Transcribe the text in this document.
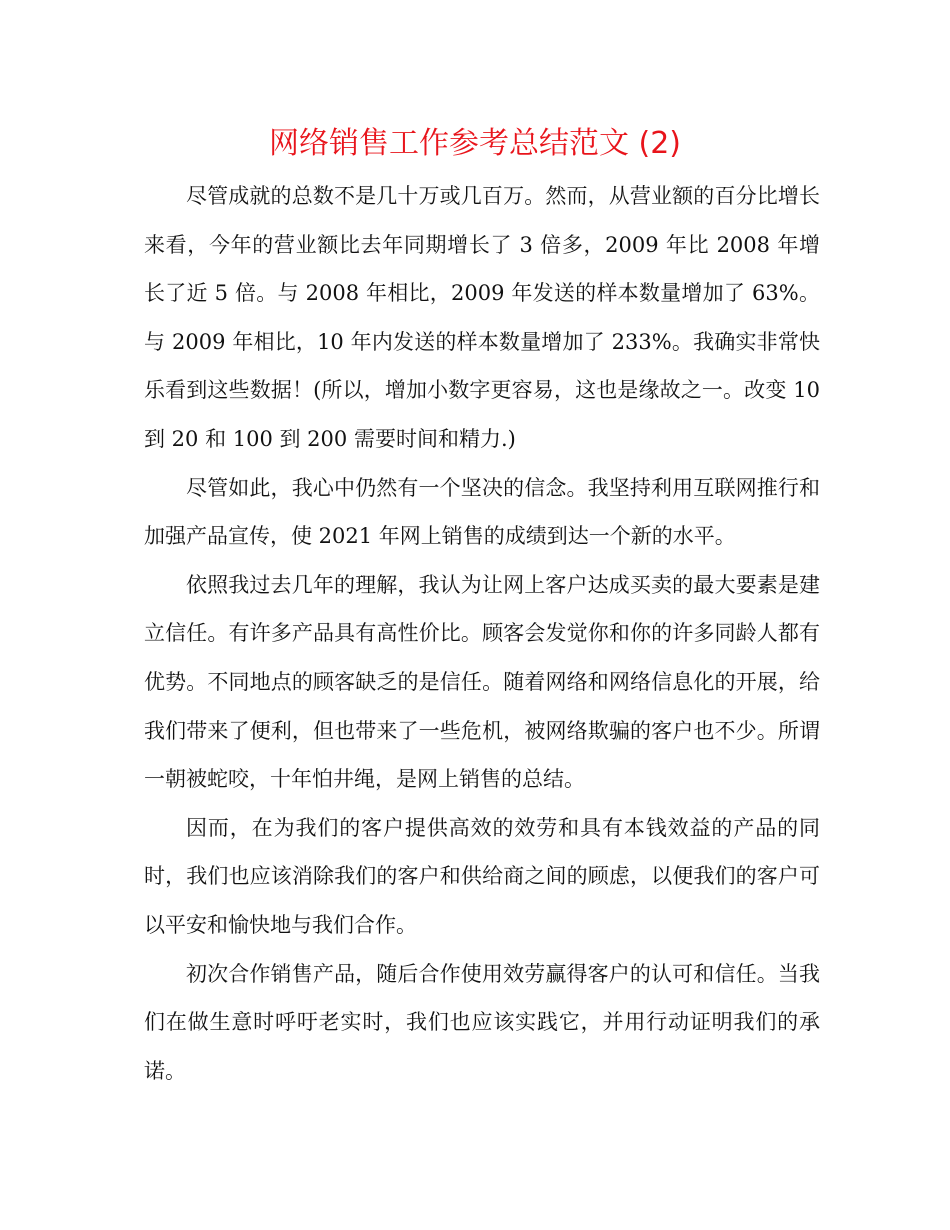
网络销售工作参考总结范文 (2)

尽管成就的总数不是几十万或几百万。然而，从营业额的百分比增长来看，今年的营业额比去年同期增长了 3 倍多，2009 年比 2008 年增长了近 5 倍。与 2008 年相比，2009 年发送的样本数量增加了 63%。与 2009 年相比，10 年内发送的样本数量增加了 233%。我确实非常快乐看到这些数据！(所以，增加小数字更容易，这也是缘故之一。改变 10 到 20 和 100 到 200 需要时间和精力.)

尽管如此，我心中仍然有一个坚决的信念。我坚持利用互联网推行和加强产品宣传，使 2021 年网上销售的成绩到达一个新的水平。

依照我过去几年的理解，我认为让网上客户达成买卖的最大要素是建立信任。有许多产品具有高性价比。顾客会发觉你和你的许多同龄人都有优势。不同地点的顾客缺乏的是信任。随着网络和网络信息化的开展，给我们带来了便利，但也带来了一些危机，被网络欺骗的客户也不少。所谓一朝被蛇咬，十年怕井绳，是网上销售的总结。

因而，在为我们的客户提供高效的效劳和具有本钱效益的产品的同时，我们也应该消除我们的客户和供给商之间的顾虑，以便我们的客户可以平安和愉快地与我们合作。

初次合作销售产品，随后合作使用效劳赢得客户的认可和信任。当我们在做生意时呼吁老实时，我们也应该实践它，并用行动证明我们的承诺。
